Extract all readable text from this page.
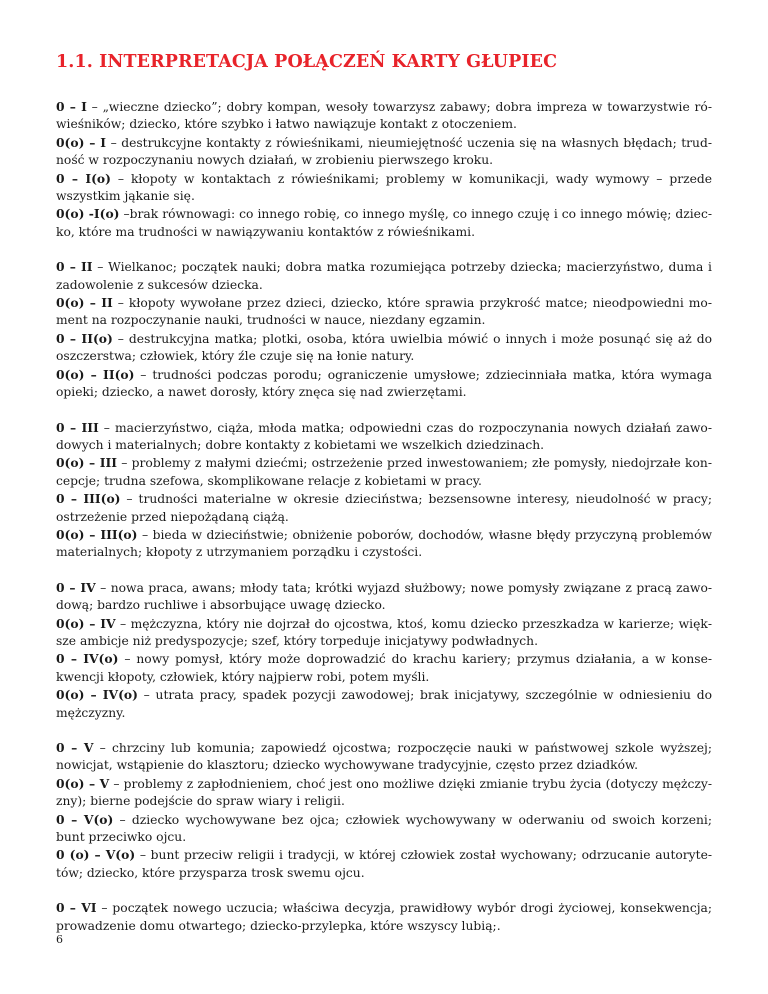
1.1. INTERPRETACJA POŁĄCZEŃ KARTY GŁUPIEC

0 – I – „wieczne dziecko”; dobry kompan, wesoły towarzysz zabawy; dobra impreza w towarzystwie rówieśników; dziecko, które szybko i łatwo nawiązuje kontakt z otoczeniem.

0(o) – I – destrukcyjne kontakty z rówieśnikami, nieumiejętność uczenia się na własnych błędach; trudność w rozpoczynaniu nowych działań, w zrobieniu pierwszego kroku.

0 – I(o) – kłopoty w kontaktach z rówieśnikami; problemy w komunikacji, wady wymowy – przede wszystkim jąkanie się.

0(o) -I(o) –brak równowagi: co innego robię, co innego myślę, co innego czuję i co innego mówię; dziecko, które ma trudności w nawiązywaniu kontaktów z rówieśnikami.

0 – II – Wielkanoc; początek nauki; dobra matka rozumiejąca potrzeby dziecka; macierzyństwo, duma i zadowolenie z sukcesów dziecka.

0(o) – II – kłopoty wywołane przez dzieci, dziecko, które sprawia przykrość matce; nieodpowiedni moment na rozpoczynanie nauki, trudności w nauce, niezdany egzamin.

0 – II(o) – destrukcyjna matka; plotki, osoba, która uwielbia mówić o innych i może posunąć się aż do oszczerstwa; człowiek, który źle czuje się na łonie natury.

0(o) – II(o) – trudności podczas porodu; ograniczenie umysłowe; zdziecinniała matka, która wymaga opieki; dziecko, a nawet dorosły, który znęca się nad zwierzętami.

0 – III – macierzyństwo, ciąża, młoda matka; odpowiedni czas do rozpoczynania nowych działań zawodowych i materialnych; dobre kontakty z kobietami we wszelkich dziedzinach.

0(o) – III – problemy z małymi dziećmi; ostrzeżenie przed inwestowaniem; złe pomysły, niedojrzałe koncepcje; trudna szefowa, skomplikowane relacje z kobietami w pracy.

0 – III(o) – trudności materialne w okresie dzieciństwa; bezsensowne interesy, nieudolność w pracy; ostrzeżenie przed niepożądaną ciążą.

0(o) – III(o) – bieda w dzieciństwie; obniżenie poborów, dochodów, własne błędy przyczyną problemów materialnych; kłopoty z utrzymaniem porządku i czystości.

0 – IV – nowa praca, awans; młody tata; krótki wyjazd służbowy; nowe pomysły związane z pracą zawodową; bardzo ruchliwe i absorbujące uwagę dziecko.

0(o) – IV – mężczyzna, który nie dojrzał do ojcostwa, ktoś, komu dziecko przeszkadza w karierze; większe ambicje niż predyspozycje; szef, który torpeduje inicjatywy podwładnych.

0 – IV(o) – nowy pomysł, który może doprowadzić do krachu kariery; przymus działania, a w konsekwencji kłopoty, człowiek, który najpierw robi, potem myśli.

0(o) – IV(o) – utrata pracy, spadek pozycji zawodowej; brak inicjatywy, szczególnie w odniesieniu do mężczyzny.

0 – V – chrzciny lub komunia; zapowiedź ojcostwa; rozpoczęcie nauki w państwowej szkole wyższej; nowicjat, wstąpienie do klasztoru; dziecko wychowywane tradycyjnie, często przez dziadków.

0(o) – V – problemy z zapłodnieniem, choć jest ono możliwe dzięki zmianie trybu życia (dotyczy mężczyzny); bierne podejście do spraw wiary i religii.

0 – V(o) – dziecko wychowywane bez ojca; człowiek wychowywany w oderwaniu od swoich korzeni; bunt przeciwko ojcu.

0 (o) – V(o) – bunt przeciw religii i tradycji, w której człowiek został wychowany; odrzucanie autorytetów; dziecko, które przysparza trosk swemu ojcu.

0 – VI – początek nowego uczucia; właściwa decyzja, prawidłowy wybór drogi życiowej, konsekwencja; prowadzenie domu otwartego; dziecko-przylepka, które wszyscy lubią;.

6
